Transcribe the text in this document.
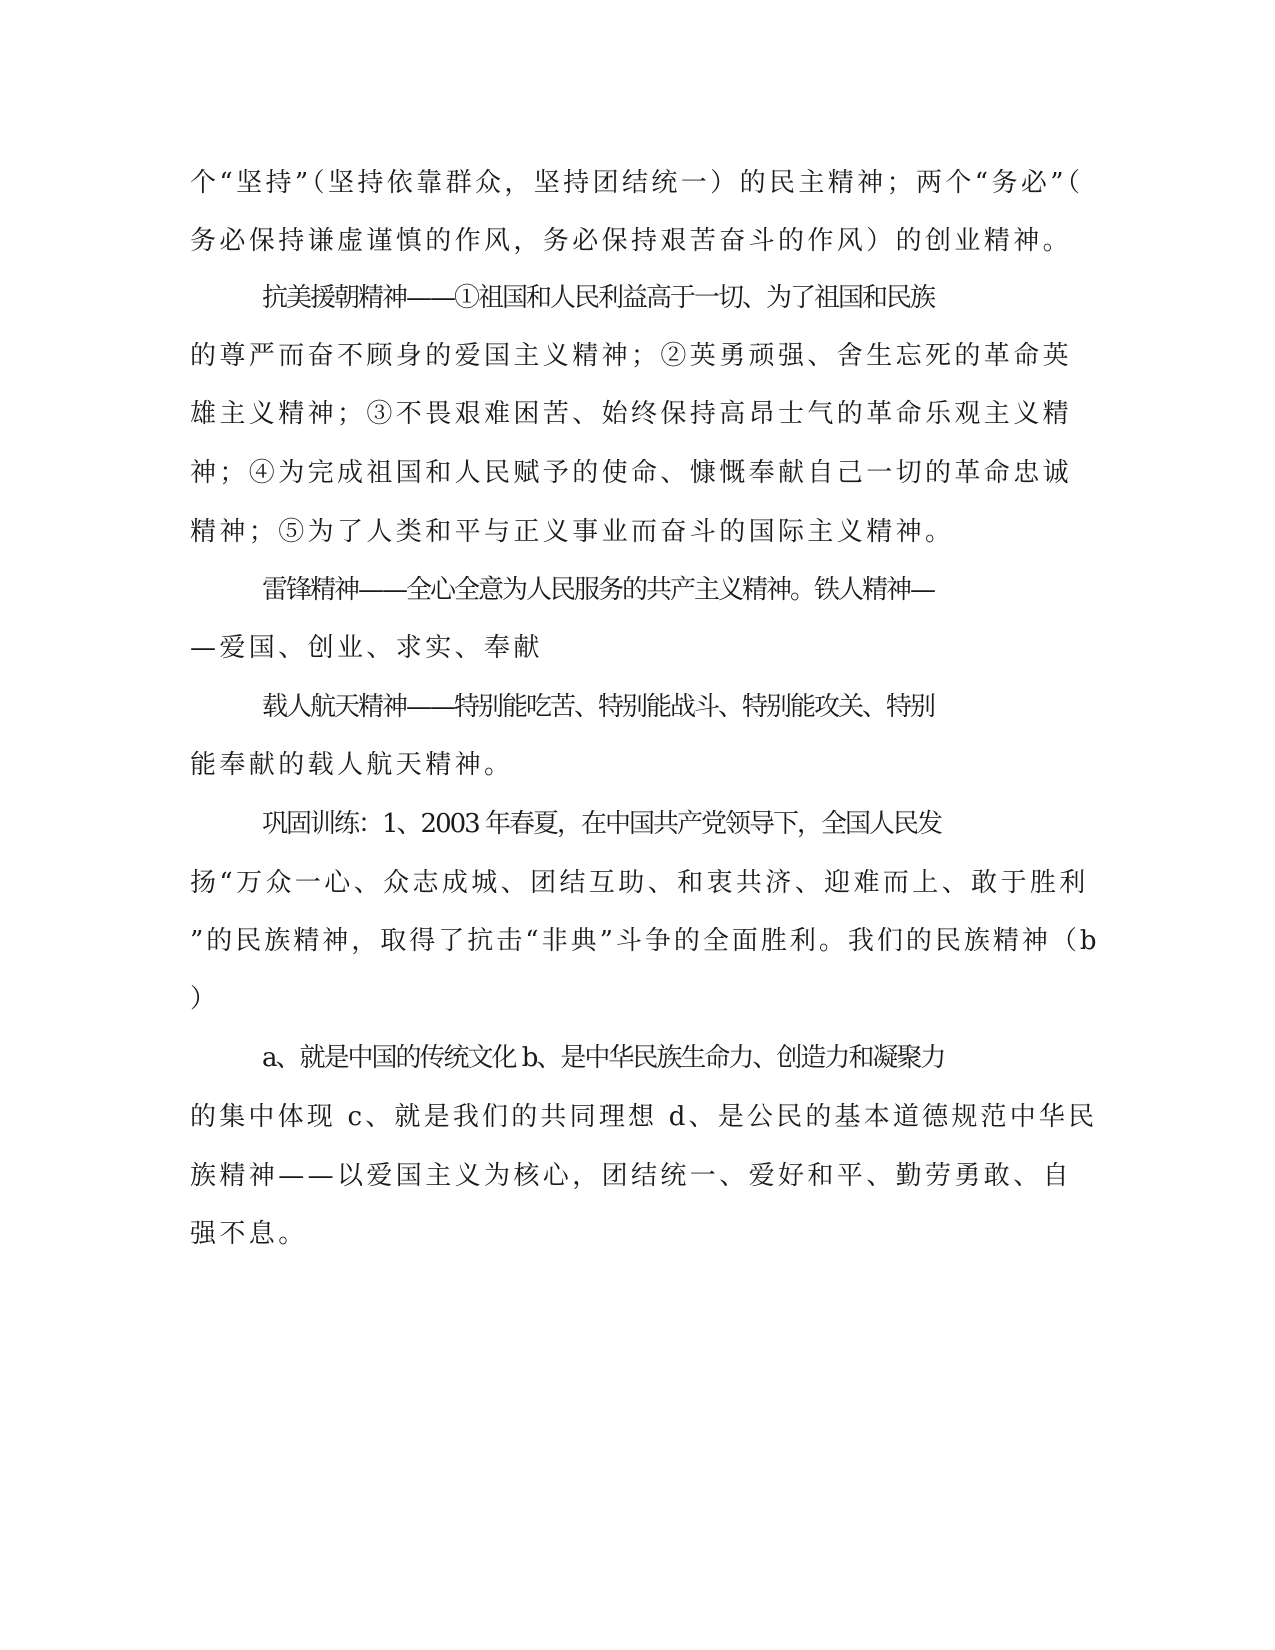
个“坚持”（坚持依靠群众，坚持团结统一）的民主精神；两个“务必”（
务必保持谦虚谨慎的作风，务必保持艰苦奋斗的作风）的创业精神。
抗美援朝精神——①祖国和人民利益高于一切、为了祖国和民族
的尊严而奋不顾身的爱国主义精神；②英勇顽强、舍生忘死的革命英
雄主义精神；③不畏艰难困苦、始终保持高昂士气的革命乐观主义精
神；④为完成祖国和人民赋予的使命、慷慨奉献自己一切的革命忠诚
精神；⑤为了人类和平与正义事业而奋斗的国际主义精神。
雷锋精神——全心全意为人民服务的共产主义精神。铁人精神—
—爱国、创业、求实、奉献
载人航天精神——特别能吃苦、特别能战斗、特别能攻关、特别
能奉献的载人航天精神。
巩固训练：1、2003 年春夏，在中国共产党领导下，全国人民发
扬“万众一心、众志成城、团结互助、和衷共济、迎难而上、敢于胜利
”的民族精神，取得了抗击“非典”斗争的全面胜利。我们的民族精神（b
）
a、就是中国的传统文化 b、是中华民族生命力、创造力和凝聚力
的集中体现 c、就是我们的共同理想 d、是公民的基本道德规范中华民
族精神——以爱国主义为核心，团结统一、爱好和平、勤劳勇敢、自
强不息。
